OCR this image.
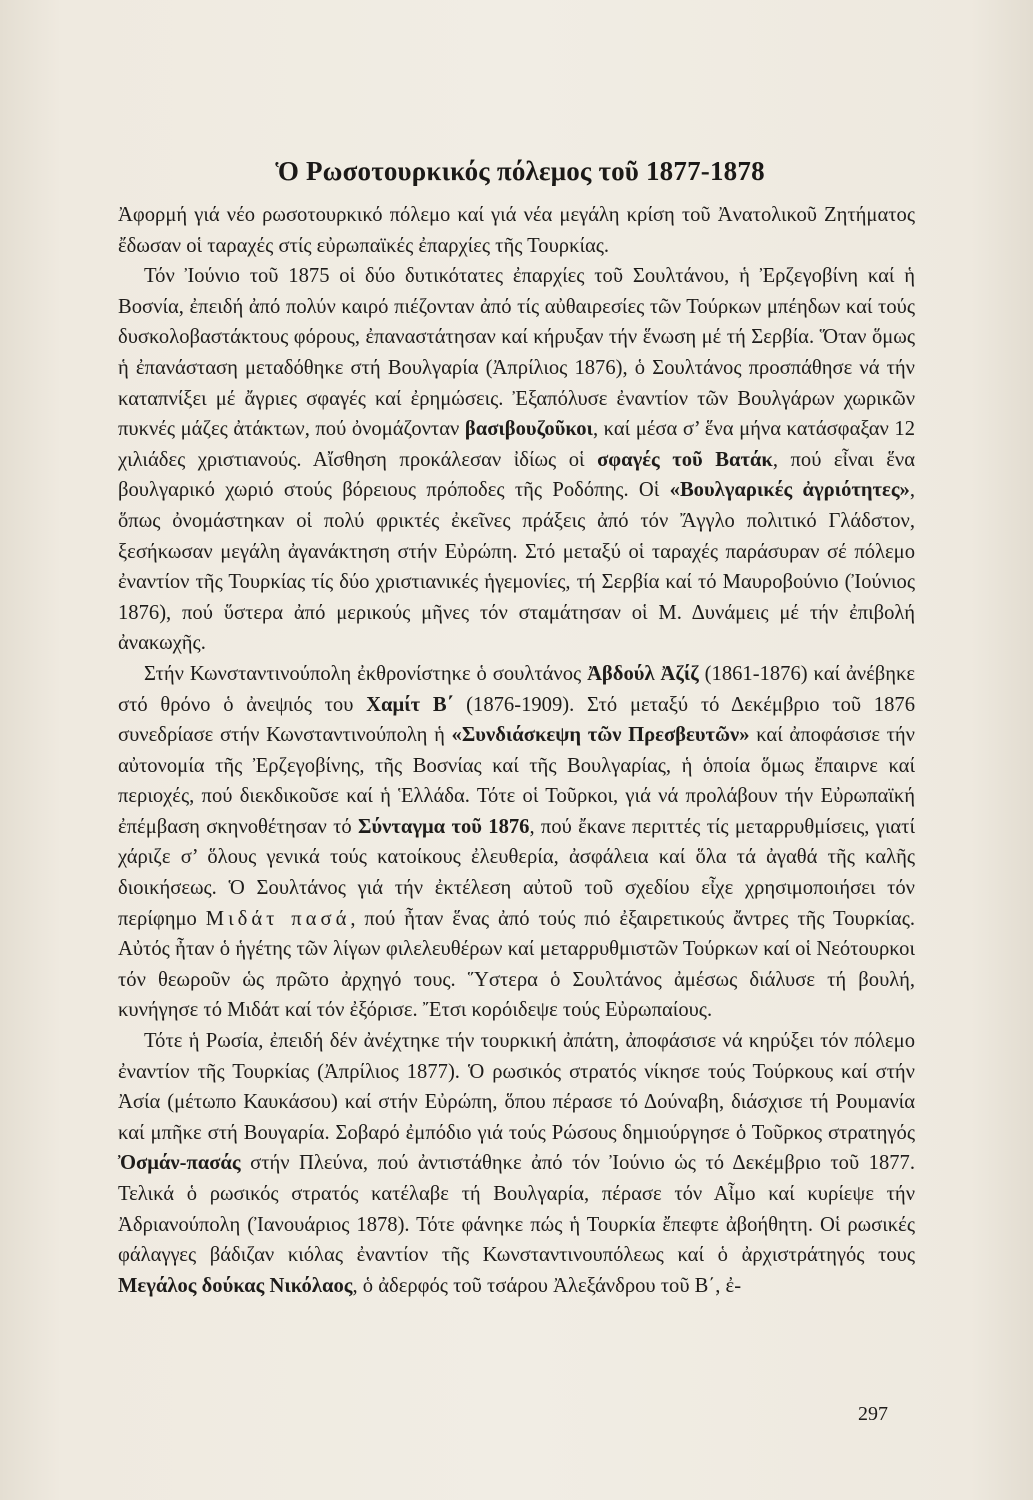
Ὁ Ρωσοτουρκικός πόλεμος τοῦ 1877-1878

Ἀφορμή γιά νέο ρωσοτουρκικό πόλεμο καί γιά νέα μεγάλη κρίση τοῦ Ἀνατολικοῦ Ζητήματος ἔδωσαν οἱ ταραχές στίς εὐρωπαϊκές ἐπαρχίες τῆς Τουρκίας.

Τόν Ἰούνιο τοῦ 1875 οἱ δύο δυτικότατες ἐπαρχίες τοῦ Σουλτάνου, ἡ Ἐρζεγοβίνη καί ἡ Βοσνία, ἐπειδή ἀπό πολύν καιρό πιέζονταν ἀπό τίς αὐθαιρεσίες τῶν Τούρκων μπέηδων καί τούς δυσκολοβαστάκτους φόρους, ἐπαναστάτησαν καί κήρυξαν τήν ἕνωση μέ τή Σερβία. Ὅταν ὅμως ἡ ἐπανάσταση μεταδόθηκε στή Βουλγαρία (Ἀπρίλιος 1876), ὁ Σουλτάνος προσπάθησε νά τήν καταπνίξει μέ ἄγριες σφαγές καί ἐρημώσεις. Ἐξαπόλυσε ἐναντίον τῶν Βουλγάρων χωρικῶν πυκνές μάζες ἀτάκτων, πού ὀνομάζονταν βασιβουζοῦκοι, καί μέσα σ’ ἕνα μήνα κατάσφαξαν 12 χιλιάδες χριστιανούς. Αἴσθηση προκάλεσαν ἰδίως οἱ σφαγές τοῦ Βατάκ, πού εἶναι ἕνα βουλγαρικό χωριό στούς βόρειους πρόποδες τῆς Ροδόπης. Οἱ «Βουλγαρικές ἀγριότητες», ὅπως ὀνομάστηκαν οἱ πολύ φρικτές ἐκεῖνες πράξεις ἀπό τόν Ἄγγλο πολιτικό Γλάδστον, ξεσήκωσαν μεγάλη ἀγανάκτηση στήν Εὐρώπη. Στό μεταξύ οἱ ταραχές παράσυραν σέ πόλεμο ἐναντίον τῆς Τουρκίας τίς δύο χριστιανικές ἡγεμονίες, τή Σερβία καί τό Μαυροβούνιο (Ἰούνιος 1876), πού ὕστερα ἀπό μερικούς μῆνες τόν σταμάτησαν οἱ Μ. Δυνάμεις μέ τήν ἐπιβολή ἀνακωχῆς.

Στήν Κωνσταντινούπολη ἐκθρονίστηκε ὁ σουλτάνος Ἀβδούλ Ἀζίζ (1861-1876) καί ἀνέβηκε στό θρόνο ὁ ἀνεψιός του Χαμίτ Β΄ (1876-1909). Στό μεταξύ τό Δεκέμβριο τοῦ 1876 συνεδρίασε στήν Κωνσταντινούπολη ἡ «Συνδιάσκεψη τῶν Πρεσβευτῶν» καί ἀποφάσισε τήν αὐτονομία τῆς Ἐρζεγοβίνης, τῆς Βοσνίας καί τῆς Βουλγαρίας, ἡ ὁποία ὅμως ἔπαιρνε καί περιοχές, πού διεκδικοῦσε καί ἡ Ἑλλάδα. Τότε οἱ Τοῦρκοι, γιά νά προλάβουν τήν Εὐρωπαϊκή ἐπέμβαση σκηνοθέτησαν τό Σύνταγμα τοῦ 1876, πού ἔκανε περιττές τίς μεταρρυθμίσεις, γιατί χάριζε σ’ ὅλους γενικά τούς κατοίκους ἐλευθερία, ἀσφάλεια καί ὅλα τά ἀγαθά τῆς καλῆς διοικήσεως. Ὁ Σουλτάνος γιά τήν ἐκτέλεση αὐτοῦ τοῦ σχεδίου εἶχε χρησιμοποιήσει τόν περίφημο Μιδάτ πασά, πού ἦταν ἕνας ἀπό τούς πιό ἐξαιρετικούς ἄντρες τῆς Τουρκίας. Αὐτός ἦταν ὁ ἡγέτης τῶν λίγων φιλελευθέρων καί μεταρρυθμιστῶν Τούρκων καί οἱ Νεότουρκοι τόν θεωροῦν ὡς πρῶτο ἀρχηγό τους. Ὕστερα ὁ Σουλτάνος ἀμέσως διάλυσε τή βουλή, κυνήγησε τό Μιδάτ καί τόν ἐξόρισε. Ἔτσι κορόιδεψε τούς Εὐρωπαίους.

Τότε ἡ Ρωσία, ἐπειδή δέν ἀνέχτηκε τήν τουρκική ἀπάτη, ἀποφάσισε νά κηρύξει τόν πόλεμο ἐναντίον τῆς Τουρκίας (Ἀπρίλιος 1877). Ὁ ρωσικός στρατός νίκησε τούς Τούρκους καί στήν Ἀσία (μέτωπο Καυκάσου) καί στήν Εὐρώπη, ὅπου πέρασε τό Δούναβη, διάσχισε τή Ρουμανία καί μπῆκε στή Βουγαρία. Σοβαρό ἐμπόδιο γιά τούς Ρώσους δημιούργησε ὁ Τοῦρκος στρατηγός Ὀσμάν-πασάς στήν Πλεύνα, πού ἀντιστάθηκε ἀπό τόν Ἰούνιο ὡς τό Δεκέμβριο τοῦ 1877. Τελικά ὁ ρωσικός στρατός κατέλαβε τή Βουλγαρία, πέρασε τόν Αἶμο καί κυρίεψε τήν Ἀδριανούπολη (Ἰανουάριος 1878). Τότε φάνηκε πώς ἡ Τουρκία ἔπεφτε ἀβοήθητη. Οἱ ρωσικές φάλαγγες βάδιζαν κιόλας ἐναντίον τῆς Κωνσταντινουπόλεως καί ὁ ἀρχιστράτηγός τους Μεγάλος δούκας Νικόλαος, ὁ ἀδερφός τοῦ τσάρου Ἀλεξάνδρου τοῦ Β΄, ἐ-

297
